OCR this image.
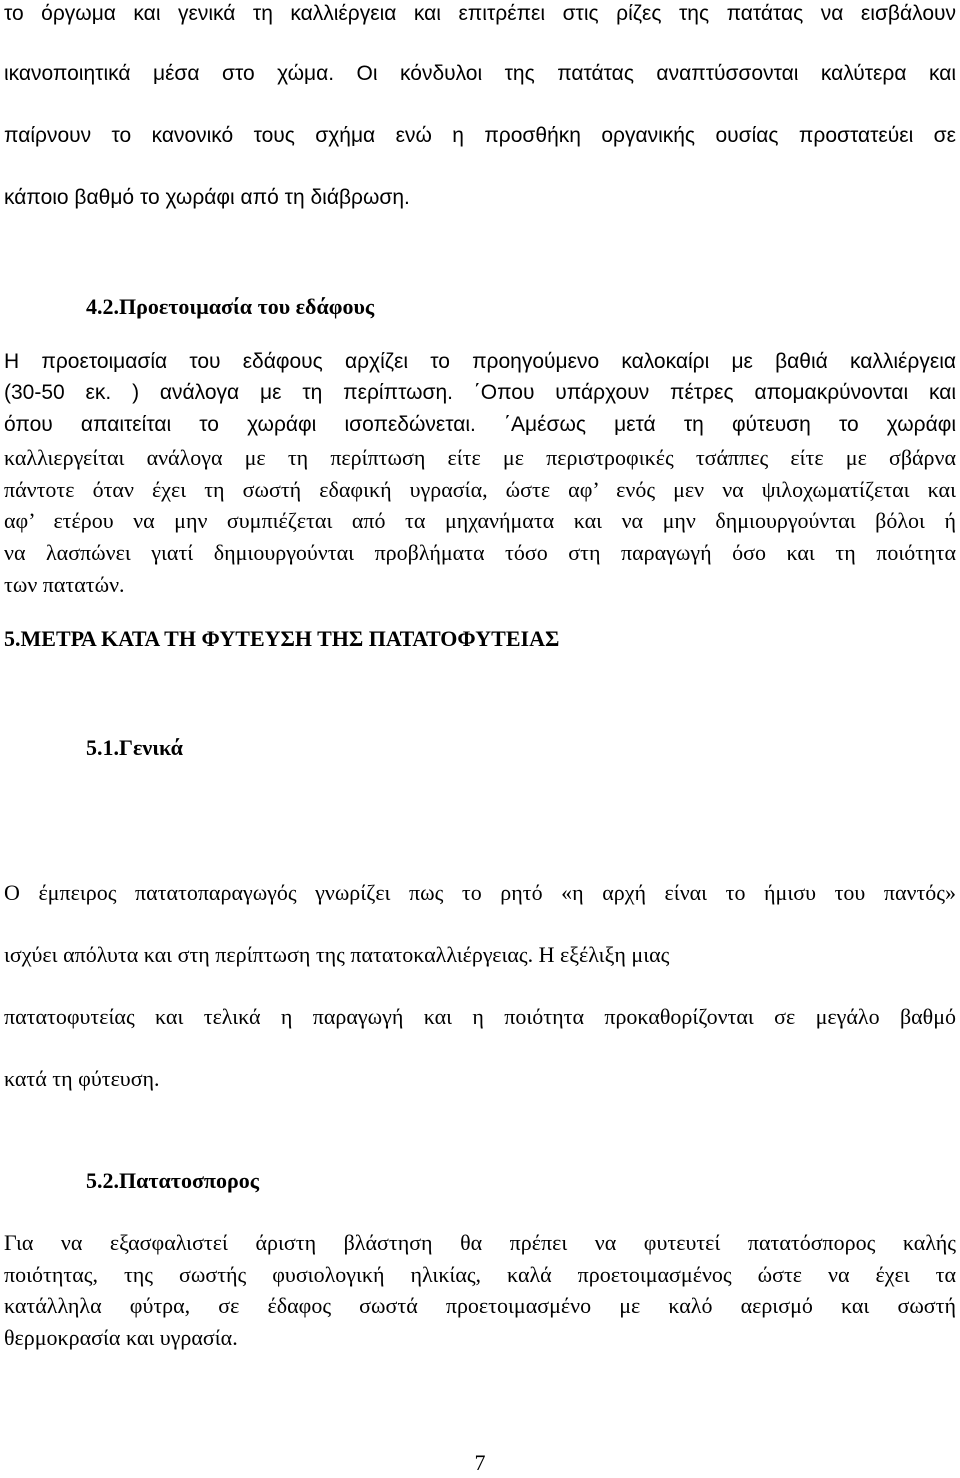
το όργωμα και γενικά τη καλλιέργεια και επιτρέπει στις ρίζες της πατάτας να εισβάλουν
ικανοποιητικά μέσα στο χώμα. Οι κόνδυλοι της πατάτας αναπτύσσονται καλύτερα και
παίρνουν το κανονικό τους σχήμα ενώ η προσθήκη οργανικής ουσίας προστατεύει σε
κάποιο βαθμό το χωράφι από τη διάβρωση.
4.2.Προετοιμασία του εδάφους
Η προετοιμασία του εδάφους αρχίζει το προηγούμενο καλοκαίρι με βαθιά καλλιέργεια
(30-50 εκ. ) ανάλογα με τη περίπτωση. ΄Οπου υπάρχουν πέτρες απομακρύνονται και
όπου απαιτείται το χωράφι ισοπεδώνεται. ΄Αμέσως μετά τη φύτευση το χωράφι
καλλιεργείται ανάλογα με τη περίπτωση είτε με περιστροφικές τσάππες είτε με σβάρνα
πάντοτε όταν έχει τη σωστή εδαφική υγρασία, ώστε αφ’ ενός μεν να ψιλοχωματίζεται και
αφ’ ετέρου να μην συμπιέζεται από τα μηχανήματα και να μην δημιουργούνται βόλοι ή
να λασπώνει γιατί δημιουργούνται προβλήματα τόσο στη παραγωγή όσο και τη ποιότητα
των πατατών.
5.ΜΕΤΡΑ ΚΑΤΑ ΤΗ ΦΥΤΕΥΣΗ ΤΗΣ ΠΑΤΑΤΟΦΥΤΕΙΑΣ
5.1.Γενικά
Ο έμπειρος πατατοπαραγωγός γνωρίζει πως το ρητό «η αρχή είναι το ήμισυ του παντός»
ισχύει απόλυτα και στη περίπτωση της πατατοκαλλιέργειας. Η εξέλιξη μιας
πατατοφυτείας και τελικά η παραγωγή και η ποιότητα προκαθορίζονται σε μεγάλο βαθμό
κατά τη φύτευση.
5.2.Πατατοσπορος
Για να εξασφαλιστεί άριστη βλάστηση θα πρέπει να φυτευτεί πατατόσπορος καλής
ποιότητας, της σωστής φυσιολογική ηλικίας, καλά προετοιμασμένος ώστε να έχει τα
κατάλληλα φύτρα, σε έδαφος σωστά προετοιμασμένο με καλό αερισμό και σωστή
θερμοκρασία και υγρασία.
7
